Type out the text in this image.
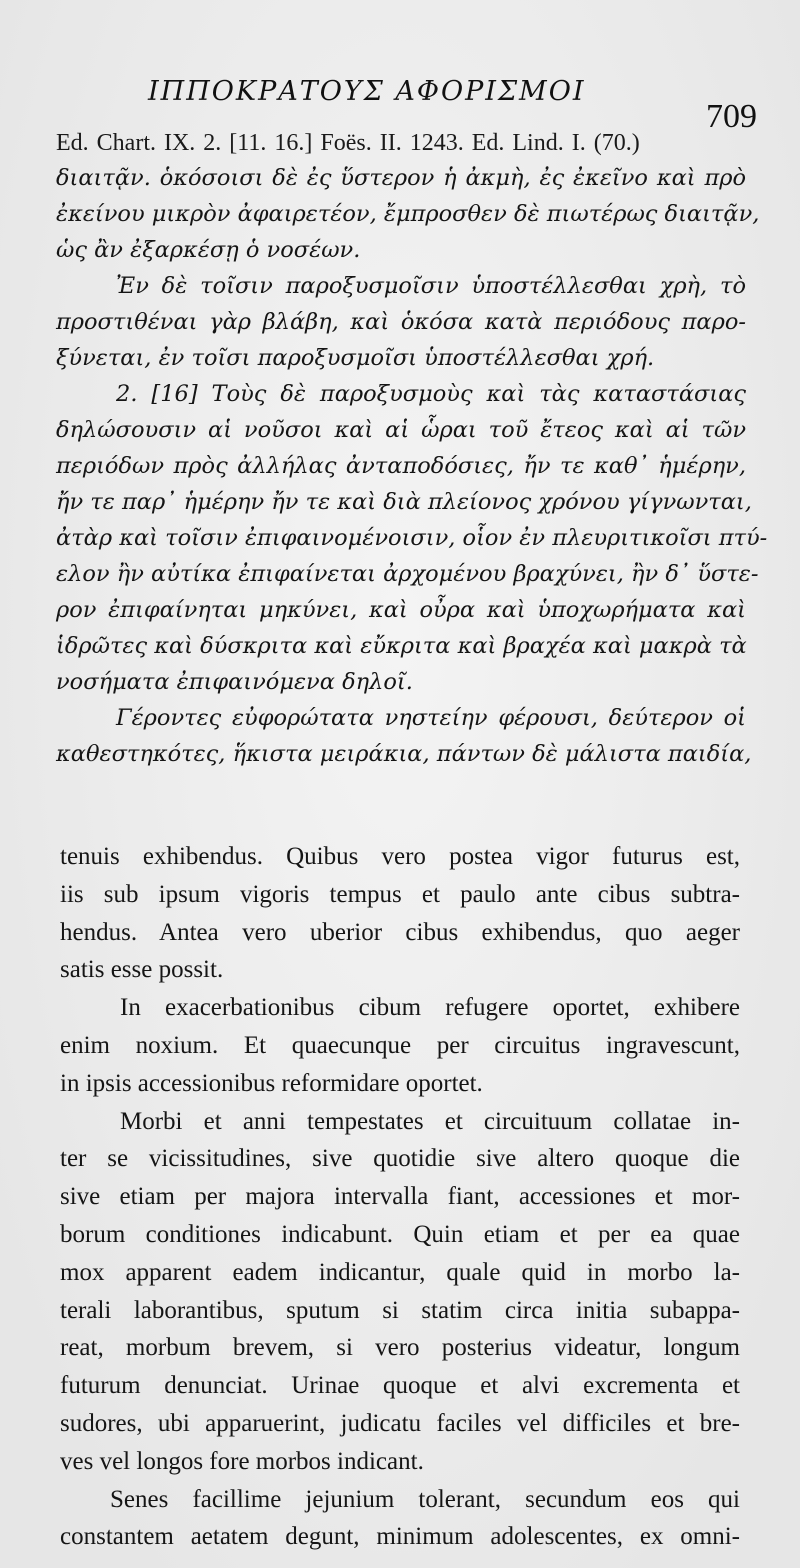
ΙΠΠΟΚΡΑΤΟΥΣ ΑΦΟΡΙΣΜΟΙ
709
Ed. Chart. IX. 2. [11. 16.] Foës. II. 1243. Ed. Lind. I. (70.)
διαιτᾷν. ὁκόσοισι δὲ ἐς ὕστερον ἡ ἀκμὴ, ἐς ἐκεῖνο καὶ πρὸ
ἐκείνου μικρὸν ἀφαιρετέον, ἔμπροσθεν δὲ πιωτέρως διαιτᾷν,
ὡς ἂν ἐξαρκέσῃ ὁ νοσέων.
Ἐν δὲ τοῖσιν παροξυσμοῖσιν ὑποστέλλεσθαι χρὴ, τὸ
προστιθέναι γὰρ βλάβη, καὶ ὁκόσα κατὰ περιόδους παρο-
ξύνεται, ἐν τοῖσι παροξυσμοῖσι ὑποστέλλεσθαι χρή.
2. [16] Τοὺς δὲ παροξυσμοὺς καὶ τὰς καταστάσιας
δηλώσουσιν αἱ νοῦσοι καὶ αἱ ὧραι τοῦ ἔτεος καὶ αἱ τῶν
περιόδων πρὸς ἀλλήλας ἀνταποδόσιες, ἤν τε καθ᾽ ἡμέρην,
ἤν τε παρ᾽ ἡμέρην ἤν τε καὶ διὰ πλείονος χρόνου γίγνωνται,
ἀτὰρ καὶ τοῖσιν ἐπιφαινομένοισιν, οἷον ἐν πλευριτικοῖσι πτύ-
ελον ἢν αὐτίκα ἐπιφαίνεται ἀρχομένου βραχύνει, ἢν δ᾽ ὕστε-
ρον ἐπιφαίνηται μηκύνει, καὶ οὖρα καὶ ὑποχωρήματα καὶ
ἱδρῶτες καὶ δύσκριτα καὶ εὔκριτα καὶ βραχέα καὶ μακρὰ τὰ
νοσήματα ἐπιφαινόμενα δηλοῖ.
Γέροντες εὐφορώτατα νηστείην φέρουσι, δεύτερον οἱ
καθεστηκότες, ἥκιστα μειράκια, πάντων δὲ μάλιστα παιδία,
tenuis exhibendus. Quibus vero postea vigor futurus est,
iis sub ipsum vigoris tempus et paulo ante cibus subtra-
hendus. Antea vero uberior cibus exhibendus, quo aeger
satis esse possit.
In exacerbationibus cibum refugere oportet, exhibere
enim noxium. Et quaecunque per circuitus ingravescunt,
in ipsis accessionibus reformidare oportet.
Morbi et anni tempestates et circuituum collatae in-
ter se vicissitudines, sive quotidie sive altero quoque die
sive etiam per majora intervalla fiant, accessiones et mor-
borum conditiones indicabunt. Quin etiam et per ea quae
mox apparent eadem indicantur, quale quid in morbo la-
terali laborantibus, sputum si statim circa initia subappa-
reat, morbum brevem, si vero posterius videatur, longum
futurum denunciat. Urinae quoque et alvi excrementa et
sudores, ubi apparuerint, judicatu faciles vel difficiles et bre-
ves vel longos fore morbos indicant.
Senes facillime jejunium tolerant, secundum eos qui
constantem aetatem degunt, minimum adolescentes, ex omni-
